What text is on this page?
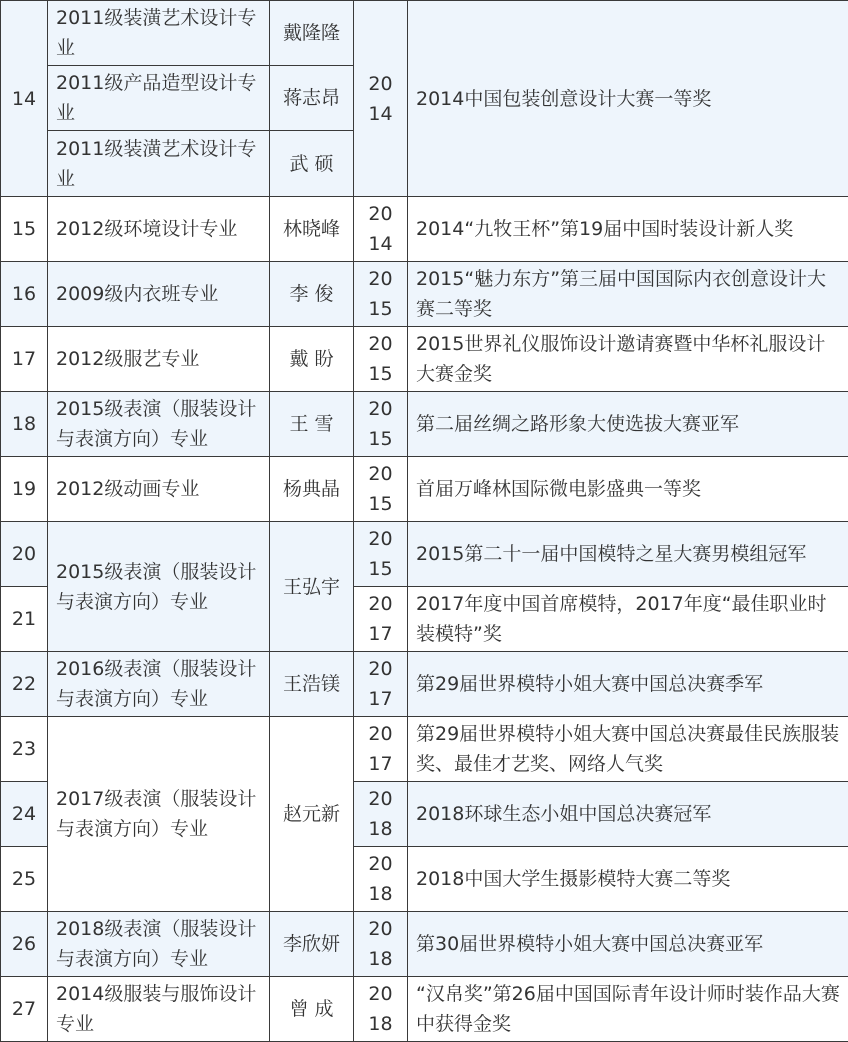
14	2011级装潢艺术设计专业	戴隆隆	2014	2014中国包装创意设计大赛一等奖
	2011级产品造型设计专业	蒋志昂		
	2011级装潢艺术设计专业	武 硕		
15	2012级环境设计专业	林晓峰	2014	2014“九牧王杯”第19届中国时装设计新人奖
16	2009级内衣班专业	李 俊	2015	2015“魅力东方”第三届中国国际内衣创意设计大赛二等奖
17	2012级服艺专业	戴 盼	2015	2015世界礼仪服饰设计邀请赛暨中华杯礼服设计大赛金奖
18	2015级表演（服装设计与表演方向）专业	王 雪	2015	第二届丝绸之路形象大使选拔大赛亚军
19	2012级动画专业	杨典晶	2015	首届万峰林国际微电影盛典一等奖
20	2015级表演（服装设计与表演方向）专业	王弘宇	2015	2015第二十一届中国模特之星大赛男模组冠军
21			2017	2017年度中国首席模特，2017年度“最佳职业时装模特”奖
22	2016级表演（服装设计与表演方向）专业	王浩镁	2017	第29届世界模特小姐大赛中国总决赛季军
23	2017级表演（服装设计与表演方向）专业	赵元新	2017	第29届世界模特小姐大赛中国总决赛最佳民族服装奖、最佳才艺奖、网络人气奖
24			2018	2018环球生态小姐中国总决赛冠军
25			2018	2018中国大学生摄影模特大赛二等奖
26	2018级表演（服装设计与表演方向）专业	李欣妍	2018	第30届世界模特小姐大赛中国总决赛亚军
27	2014级服装与服饰设计专业	曾 成	2018	“汉帛奖”第26届中国国际青年设计师时装作品大赛中获得金奖
